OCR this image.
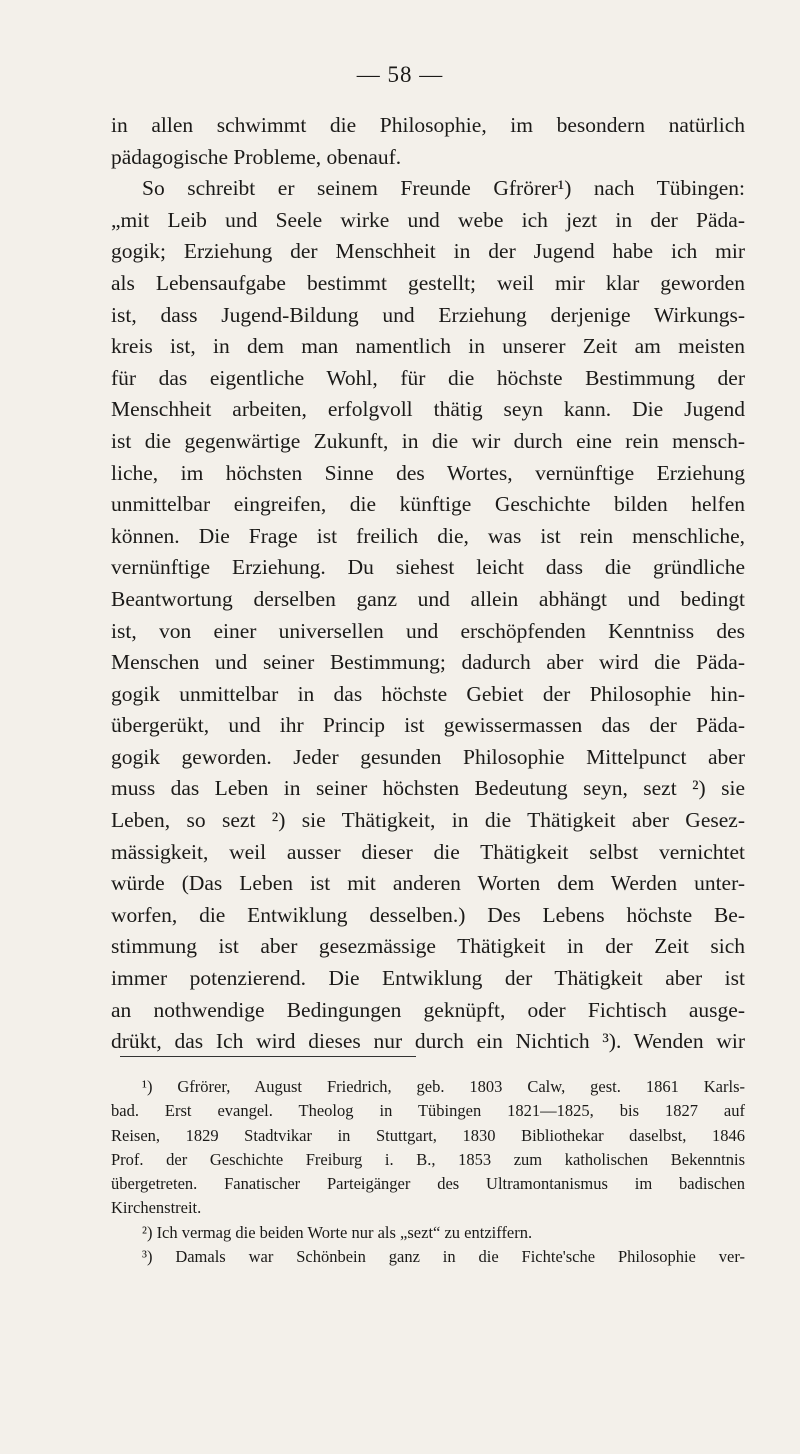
— 58 —
in allen schwimmt die Philosophie, im besondern natürlich
pädagogische Probleme, obenauf.
So schreibt er seinem Freunde Gfrörer¹) nach Tübingen:
„mit Leib und Seele wirke und webe ich jezt in der Päda-
gogik; Erziehung der Menschheit in der Jugend habe ich mir
als Lebensaufgabe bestimmt gestellt; weil mir klar geworden
ist, dass Jugend-Bildung und Erziehung derjenige Wirkungs-
kreis ist, in dem man namentlich in unserer Zeit am meisten
für das eigentliche Wohl, für die höchste Bestimmung der
Menschheit arbeiten, erfolgvoll thätig seyn kann. Die Jugend
ist die gegenwärtige Zukunft, in die wir durch eine rein mensch-
liche, im höchsten Sinne des Wortes, vernünftige Erziehung
unmittelbar eingreifen, die künftige Geschichte bilden helfen
können. Die Frage ist freilich die, was ist rein menschliche,
vernünftige Erziehung. Du siehest leicht dass die gründliche
Beantwortung derselben ganz und allein abhängt und bedingt
ist, von einer universellen und erschöpfenden Kenntniss des
Menschen und seiner Bestimmung; dadurch aber wird die Päda-
gogik unmittelbar in das höchste Gebiet der Philosophie hin-
übergerükt, und ihr Princip ist gewissermassen das der Päda-
gogik geworden. Jeder gesunden Philosophie Mittelpunct aber
muss das Leben in seiner höchsten Bedeutung seyn, sezt ²) sie
Leben, so sezt ²) sie Thätigkeit, in die Thätigkeit aber Gesez-
mässigkeit, weil ausser dieser die Thätigkeit selbst vernichtet
würde (Das Leben ist mit anderen Worten dem Werden unter-
worfen, die Entwiklung desselben.) Des Lebens höchste Be-
stimmung ist aber gesezmässige Thätigkeit in der Zeit sich
immer potenzierend. Die Entwiklung der Thätigkeit aber ist
an nothwendige Bedingungen geknüpft, oder Fichtisch ausge-
drükt, das Ich wird dieses nur durch ein Nichtich ³). Wenden wir
¹) Gfrörer, August Friedrich, geb. 1803 Calw, gest. 1861 Karls-
bad. Erst evangel. Theolog in Tübingen 1821—1825, bis 1827 auf
Reisen, 1829 Stadtvikar in Stuttgart, 1830 Bibliothekar daselbst, 1846
Prof. der Geschichte Freiburg i. B., 1853 zum katholischen Bekenntnis
übergetreten. Fanatischer Parteigänger des Ultramontanismus im badischen
Kirchenstreit.
²) Ich vermag die beiden Worte nur als „sezt“ zu entziffern.
³) Damals war Schönbein ganz in die Fichte'sche Philosophie ver-
